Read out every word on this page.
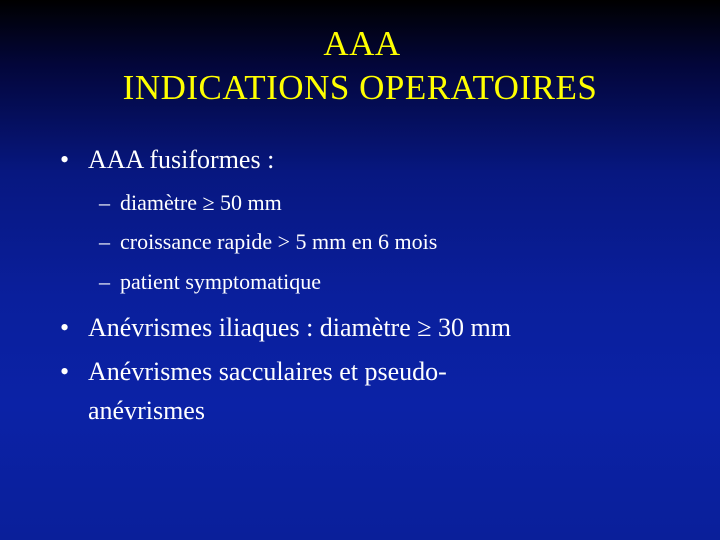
AAA
INDICATIONS OPERATOIRES
• AAA fusiformes :
– diamètre ≥ 50 mm
– croissance rapide > 5 mm en 6 mois
– patient symptomatique
• Anévrismes iliaques : diamètre ≥ 30 mm
• Anévrismes sacculaires et pseudo-
anévrismes
